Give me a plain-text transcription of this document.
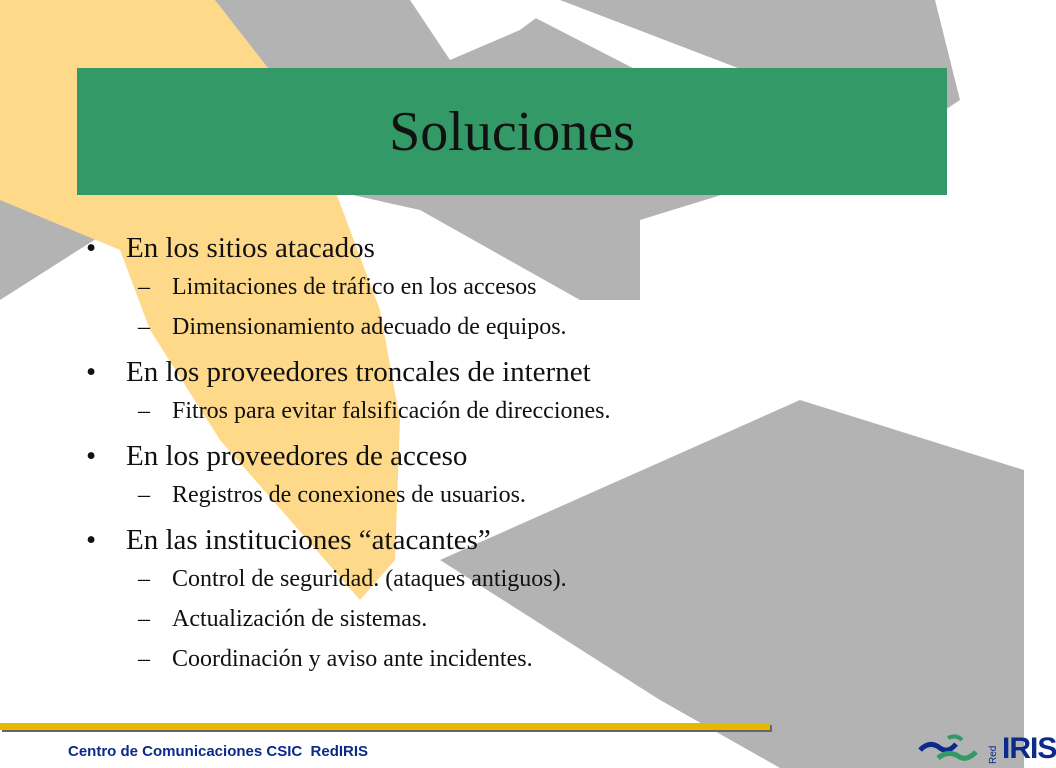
Soluciones
•	En los sitios atacados
– Limitaciones de tráfico en los accesos
– Dimensionamiento adecuado de equipos.
•	En los proveedores troncales de internet
– Fitros para evitar falsificación de direcciones.
•	En los proveedores de acceso
– Registros de conexiones de usuarios.
•	En las instituciones “atacantes”
– Control de seguridad. (ataques antiguos).
– Actualización de sistemas.
– Coordinación y aviso ante incidentes.
Centro de Comunicaciones CSIC  RedIRIS	Red IRIS
